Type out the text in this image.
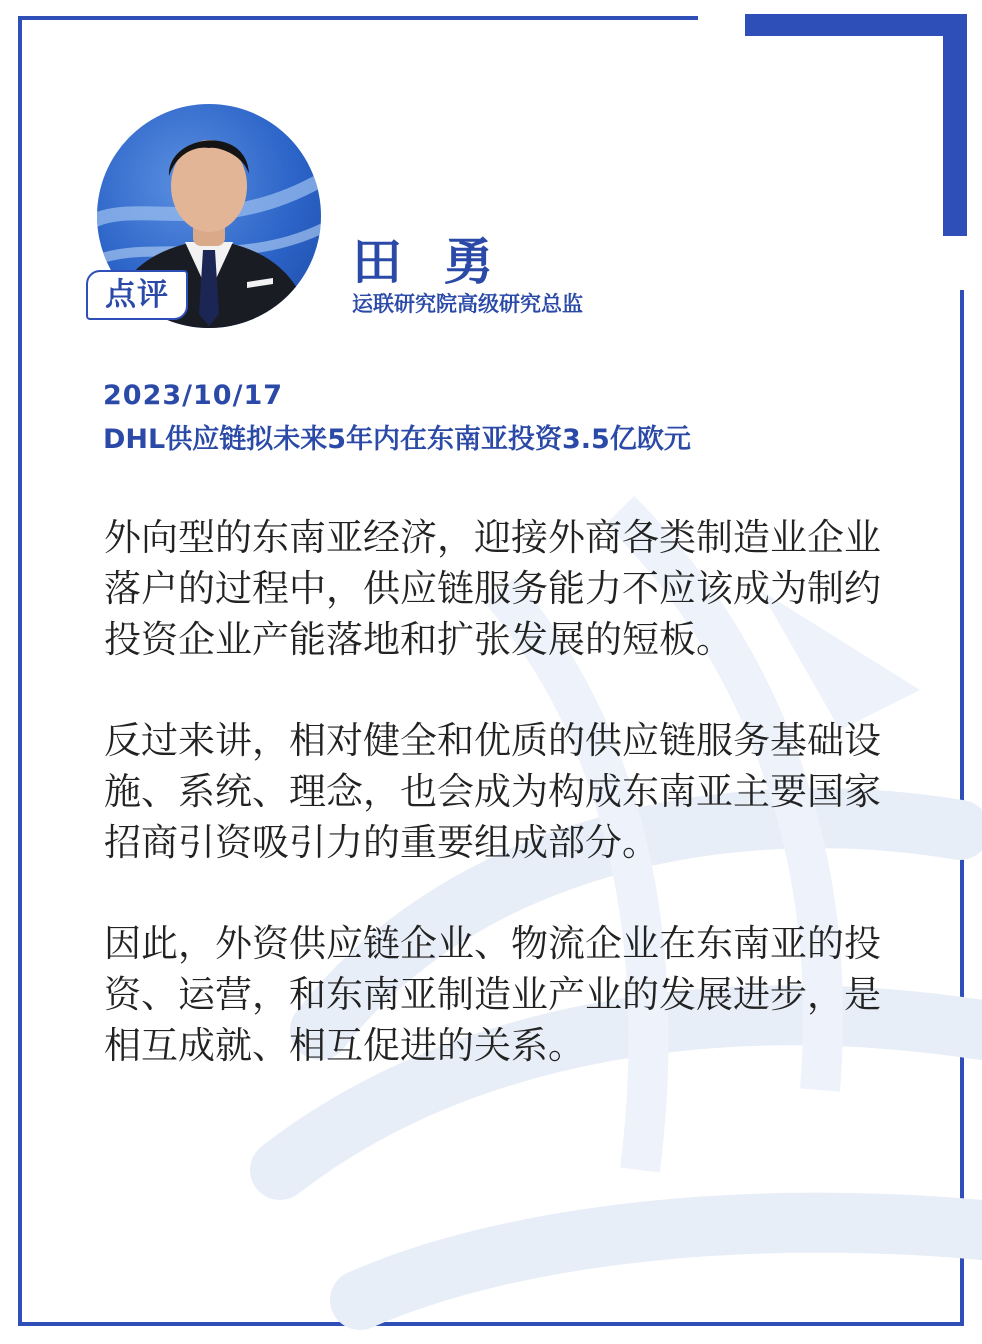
点评
田 勇
运联研究院高级研究总监
2023/10/17
DHL供应链拟未来5年内在东南亚投资3.5亿欧元

外向型的东南亚经济，迎接外商各类制造业企业落户的过程中，供应链服务能力不应该成为制约投资企业产能落地和扩张发展的短板。

反过来讲，相对健全和优质的供应链服务基础设施、系统、理念，也会成为构成东南亚主要国家招商引资吸引力的重要组成部分。

因此，外资供应链企业、物流企业在东南亚的投资、运营，和东南亚制造业产业的发展进步，是相互成就、相互促进的关系。
